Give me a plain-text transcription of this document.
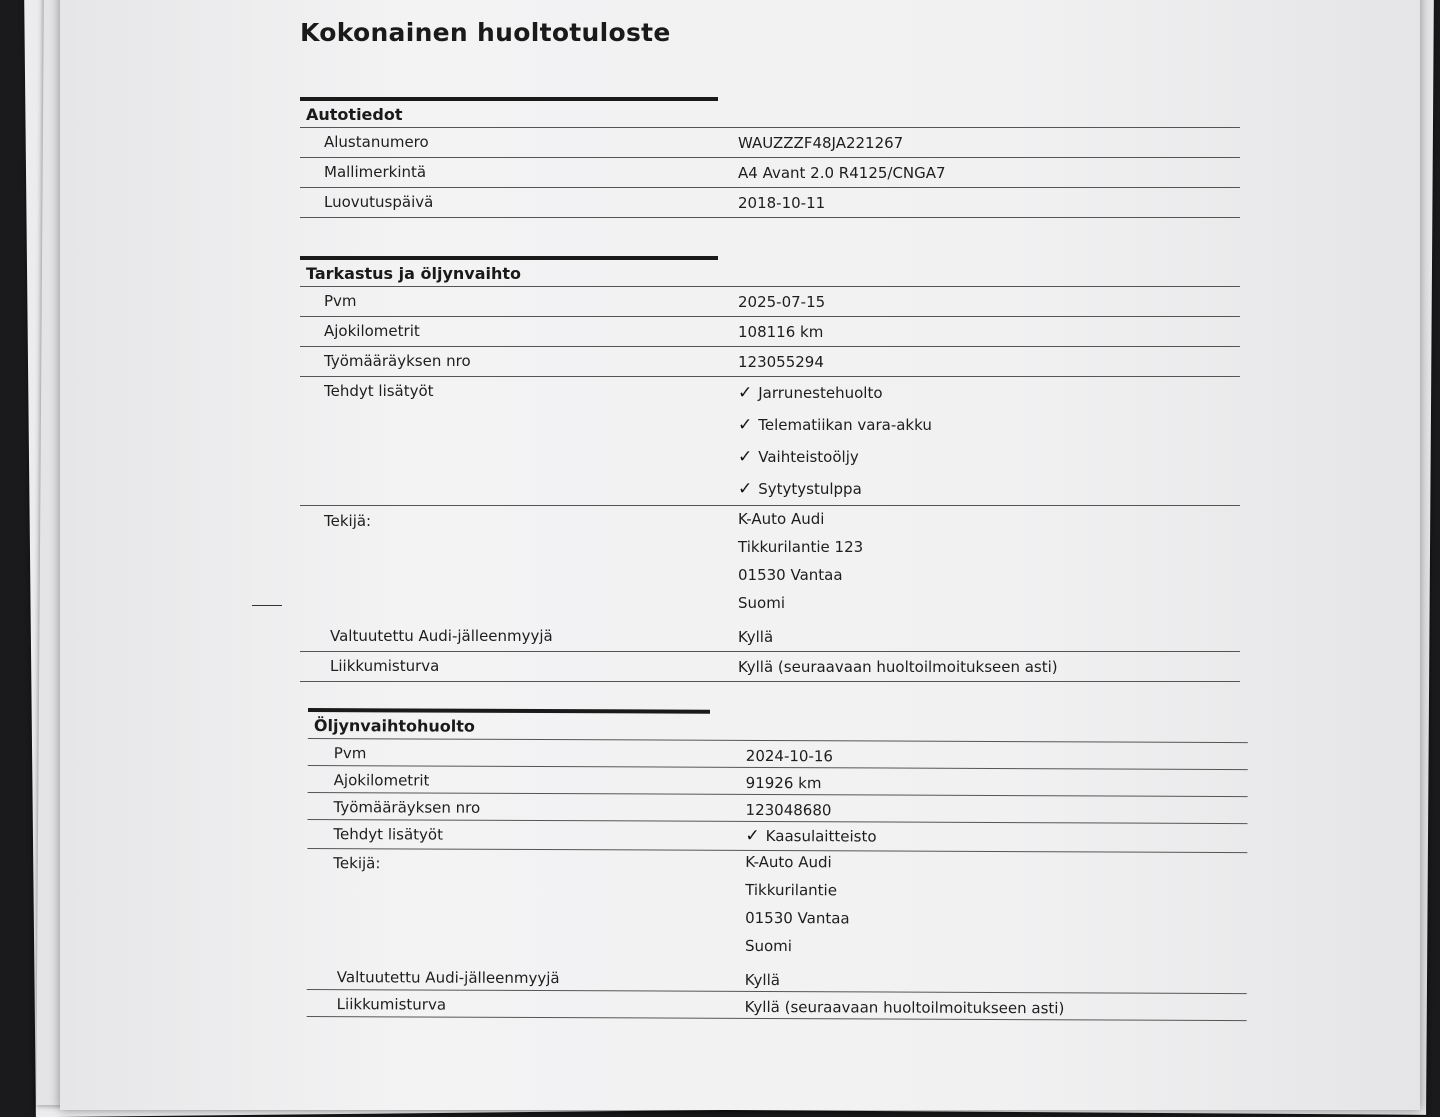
Kokonainen huoltotuloste
Autotiedot
Alustanumero	WAUZZZF48JA221267
Mallimerkintä	A4 Avant 2.0 R4125/CNGA7
Luovutuspäivä	2018-10-11
Tarkastus ja öljynvaihto
Pvm	2025-07-15
Ajokilometrit	108116 km
Työmääräyksen nro	123055294
Tehdyt lisätyöt	✓ Jarrunestehuolto
✓ Telematiikan vara-akku
✓ Vaihteistoöljy
✓ Sytytystulppa
Tekijä:	K-Auto Audi
Tikkurilantie 123
01530 Vantaa
Suomi
Valtuutettu Audi-jälleenmyyjä	Kyllä
Liikkumisturva	Kyllä (seuraavaan huoltoilmoitukseen asti)
Öljynvaihtohuolto
Pvm	2024-10-16
Ajokilometrit	91926 km
Työmääräyksen nro	123048680
Tehdyt lisätyöt	✓ Kaasulaitteisto
Tekijä:	K-Auto Audi
Tikkurilantie
01530 Vantaa
Suomi
Valtuutettu Audi-jälleenmyyjä	Kyllä
Liikkumisturva	Kyllä (seuraavaan huoltoilmoitukseen asti)
